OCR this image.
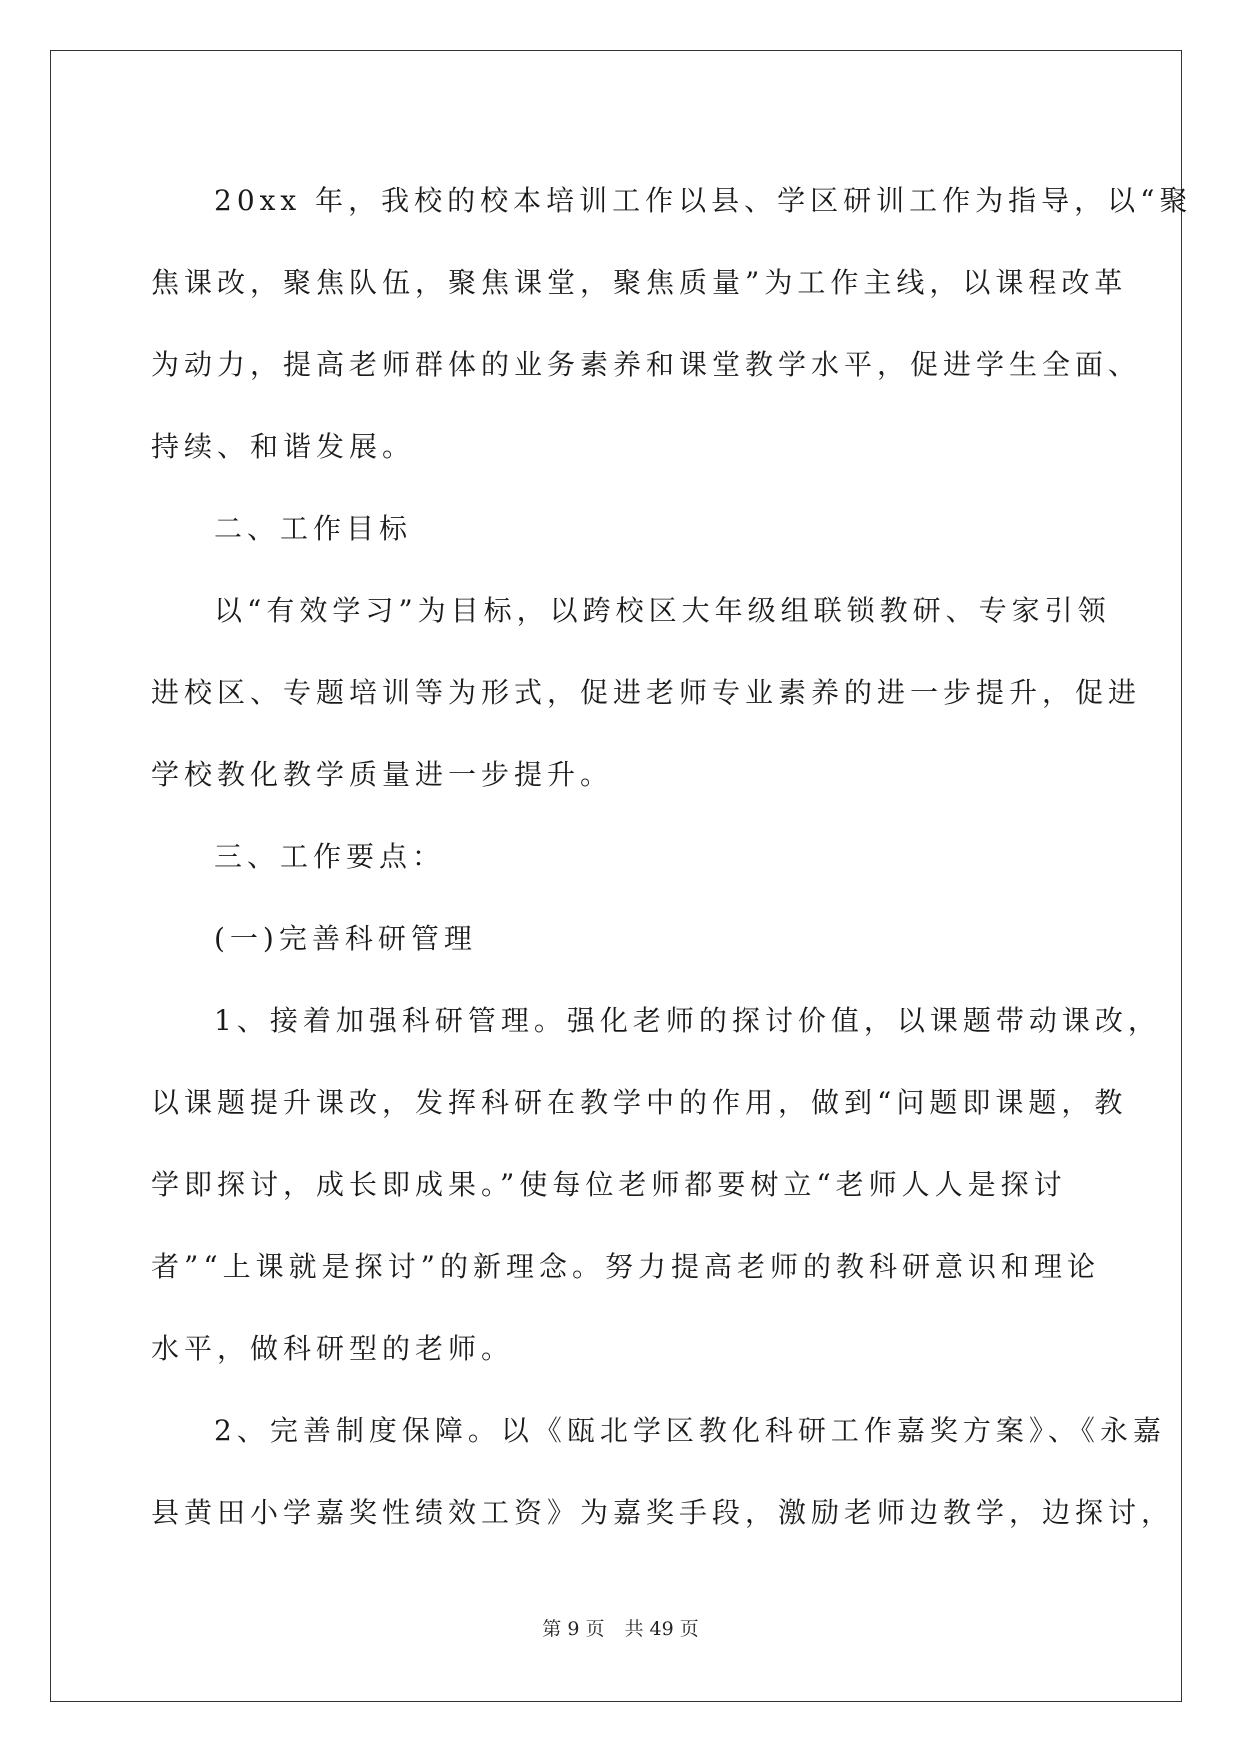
20xx 年，我校的校本培训工作以县、学区研训工作为指导，以“聚
焦课改，聚焦队伍，聚焦课堂，聚焦质量”为工作主线，以课程改革
为动力，提高老师群体的业务素养和课堂教学水平，促进学生全面、
持续、和谐发展。
二、工作目标
以“有效学习”为目标，以跨校区大年级组联锁教研、专家引领
进校区、专题培训等为形式，促进老师专业素养的进一步提升，促进
学校教化教学质量进一步提升。
三、工作要点：
(一)完善科研管理
1、接着加强科研管理。强化老师的探讨价值，以课题带动课改，
以课题提升课改，发挥科研在教学中的作用，做到“问题即课题，教
学即探讨，成长即成果。”使每位老师都要树立“老师人人是探讨
者”“上课就是探讨”的新理念。努力提高老师的教科研意识和理论
水平，做科研型的老师。
2、完善制度保障。以《瓯北学区教化科研工作嘉奖方案》、《永嘉
县黄田小学嘉奖性绩效工资》为嘉奖手段，激励老师边教学，边探讨，
第 9 页 共 49 页
